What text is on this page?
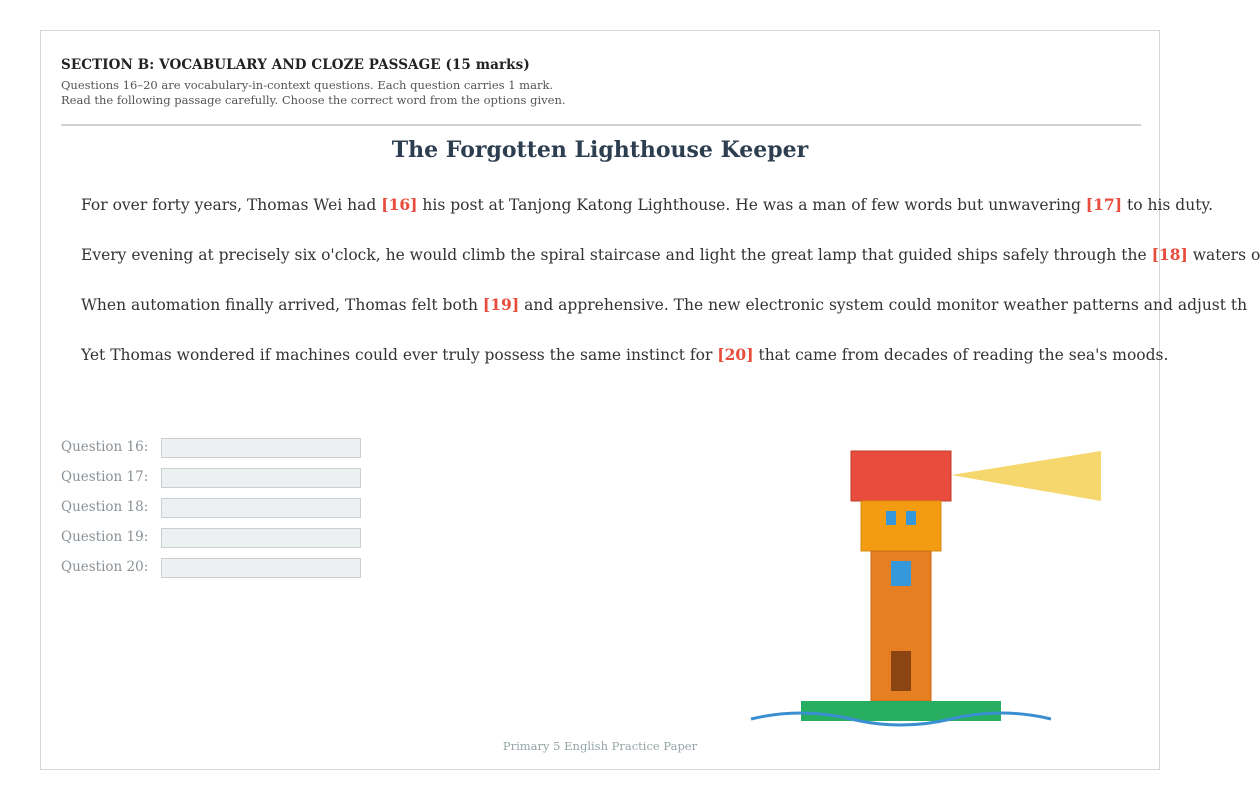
SECTION B: VOCABULARY AND CLOZE PASSAGE (15 marks)
Questions 16–20 are vocabulary-in-context questions. Each question carries 1 mark.
Read the following passage carefully. Choose the correct word from the options given.
The Forgotten Lighthouse Keeper
For over forty years, Thomas Wei had [16] his post at Tanjong Katong Lighthouse. He was a man of few words but unwavering [17] to his duty.
Every evening at precisely six o'clock, he would climb the spiral staircase and light the great lamp that guided ships safely through the [18] waters o
When automation finally arrived, Thomas felt both [19] and apprehensive. The new electronic system could monitor weather patterns and adjust th
Yet Thomas wondered if machines could ever truly possess the same instinct for [20] that came from decades of reading the sea's moods.
Question 16:
Question 17:
Question 18:
Question 19:
Question 20:
Primary 5 English Practice Paper
